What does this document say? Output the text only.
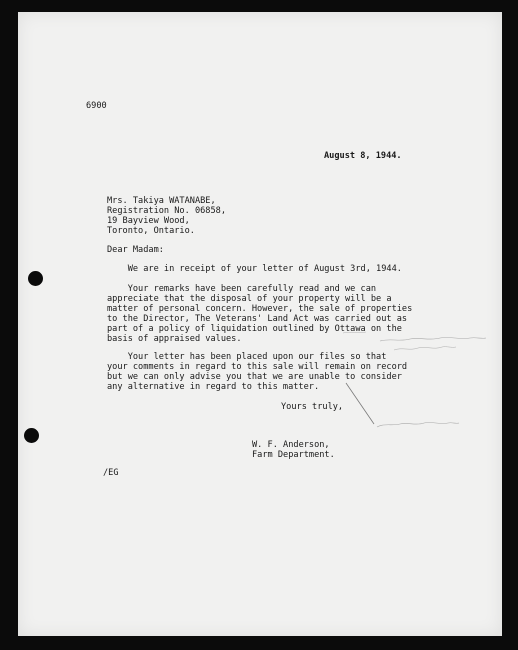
6900

August 8, 1944.

Mrs. Takiya WATANABE,

Registration No. 06858,

19 Bayview Wood,

Toronto, Ontario.

Dear Madam:

We are in receipt of your letter of August 3rd, 1944.

Your remarks have been carefully read and we can

appreciate that the disposal of your property will be a

matter of personal concern. However, the sale of properties

to the Director, The Veterans' Land Act was carried out as

part of a policy of liquidation outlined by Ottawa on the

basis of appraised values.

Your letter has been placed upon our files so that

your comments in regard to this sale will remain on record

but we can only advise you that we are unable to consider

any alternative in regard to this matter.

Yours truly,

W. F. Anderson,

Farm Department.

/EG
